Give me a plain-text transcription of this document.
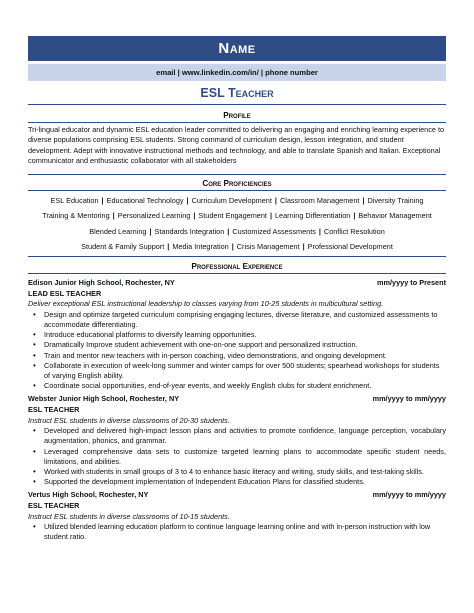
Name
email | www.linkedin.com/in/ | phone number
ESL Teacher
Profile
Tri-lingual educator and dynamic ESL education leader committed to delivering an engaging and enriching learning experience to diverse populations comprising ESL students. Strong command of curriculum design, lesson integration, and student development. Adept with innovative instructional methods and technology, and able to translate Spanish and Italian. Exceptional communicator and enthusiastic collaborator with all stakeholders
Core Proficiencies
ESL Education | Educational Technology | Curriculum Development | Classroom Management | Diversity Training
Training & Mentoring | Personalized Learning | Student Engagement | Learning Differentiation | Behavior Management
Blended Learning | Standards Integration | Customized Assessments | Conflict Resolution
Student & Family Support | Media Integration | Crisis Management | Professional Development
Professional Experience
Edison Junior High School, Rochester, NY	mm/yyyy to Present
LEAD ESL TEACHER
Deliver exceptional ESL instructional leadership to classes varying from 10-25 students in multicultural setting.
• Design and optimize targeted curriculum comprising engaging lectures, diverse literature, and customized assessments to accommodate differentiating.
• Introduce educational platforms to diversify learning opportunities.
• Dramatically Improve student achievement with one-on-one support and personalized instruction.
• Train and mentor new teachers with in-person coaching, video demonstrations, and ongoing development.
• Collaborate in execution of week-long summer and winter camps for over 500 students; spearhead workshops for students of varying English ability.
• Coordinate social opportunities, end-of-year events, and weekly English clubs for student enrichment.
Webster Junior High School, Rochester, NY	mm/yyyy to mm/yyyy
ESL TEACHER
Instruct ESL students in diverse classrooms of 20-30 students.
• Developed and delivered high-impact lesson plans and activities to promote confidence, language perception, vocabulary augmentation, phonics, and grammar.
• Leveraged comprehensive data sets to customize targeted learning plans to accommodate specific student needs, limitations, and abilities.
• Worked with students in small groups of 3 to 4 to enhance basic literacy and writing, study skills, and test-taking skills.
• Supported the development implementation of Independent Education Plans for classified students.
Vertus High School, Rochester, NY	mm/yyyy to mm/yyyy
ESL TEACHER
Instruct ESL students in diverse classrooms of 10-15 students.
• Utilized blended learning education platform to continue language learning online and with in-person instruction with low student ratio.
